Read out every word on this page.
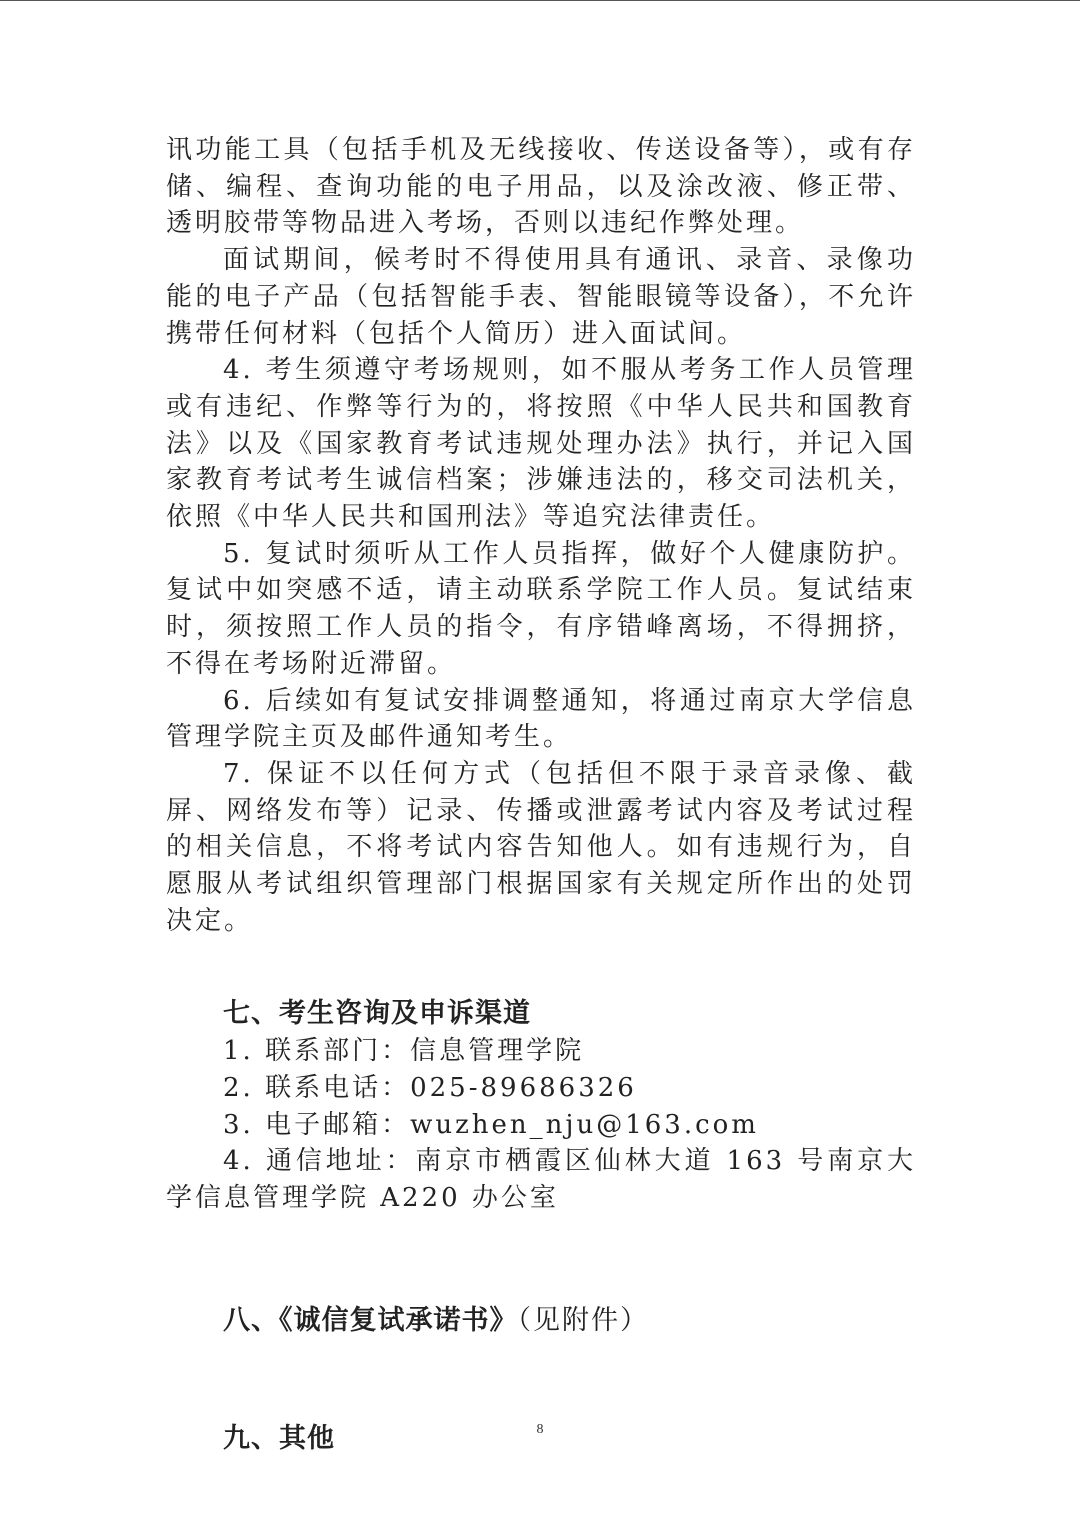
讯功能工具（包括手机及无线接收、传送设备等），或有存储、编程、查询功能的电子用品，以及涂改液、修正带、透明胶带等物品进入考场，否则以违纪作弊处理。

面试期间，候考时不得使用具有通讯、录音、录像功能的电子产品（包括智能手表、智能眼镜等设备），不允许携带任何材料（包括个人简历）进入面试间。

4. 考生须遵守考场规则，如不服从考务工作人员管理或有违纪、作弊等行为的，将按照《中华人民共和国教育法》以及《国家教育考试违规处理办法》执行，并记入国家教育考试考生诚信档案；涉嫌违法的，移交司法机关，依照《中华人民共和国刑法》等追究法律责任。

5. 复试时须听从工作人员指挥，做好个人健康防护。复试中如突感不适，请主动联系学院工作人员。复试结束时，须按照工作人员的指令，有序错峰离场，不得拥挤，不得在考场附近滞留。

6. 后续如有复试安排调整通知，将通过南京大学信息管理学院主页及邮件通知考生。

7. 保证不以任何方式（包括但不限于录音录像、截屏、网络发布等）记录、传播或泄露考试内容及考试过程的相关信息，不将考试内容告知他人。如有违规行为，自愿服从考试组织管理部门根据国家有关规定所作出的处罚决定。

七、考生咨询及申诉渠道

1. 联系部门：信息管理学院

2. 联系电话：025-89686326

3. 电子邮箱：wuzhen_nju@163.com

4. 通信地址：南京市栖霞区仙林大道 163 号南京大学信息管理学院 A220 办公室

八、《诚信复试承诺书》（见附件）
九、其他	8
